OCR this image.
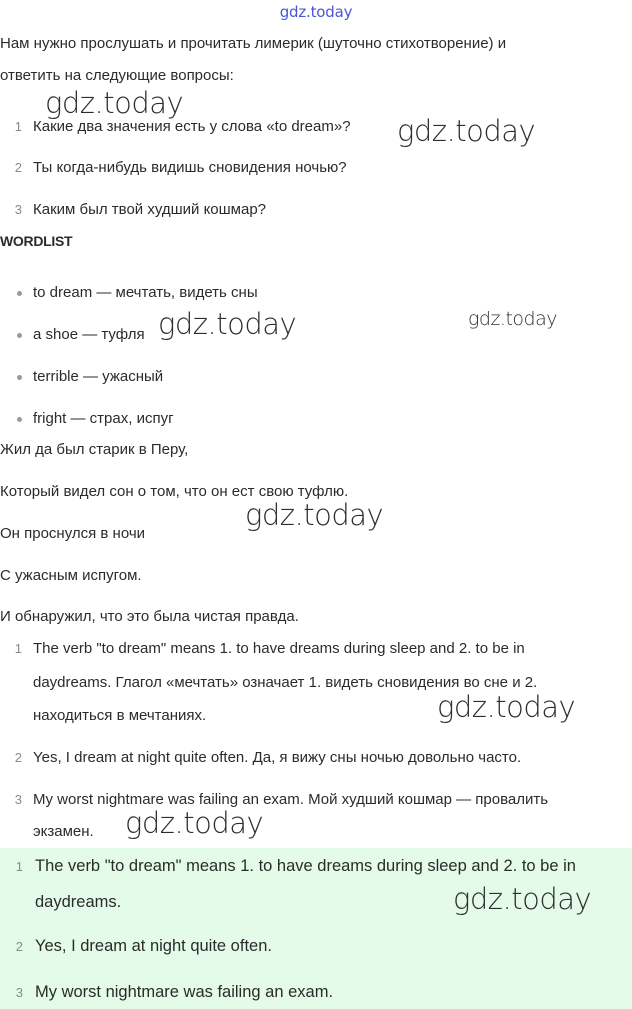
gdz.today
Нам нужно прослушать и прочитать лимерик (шуточно стихотворение) и
ответить на следующие вопросы:
1 Какие два значения есть у слова «to dream»?
2 Ты когда-нибудь видишь сновидения ночью?
3 Каким был твой худший кошмар?
WORDLIST
to dream — мечтать, видеть сны
a shoe — туфля
terrible — ужасный
fright — страх, испуг
Жил да был старик в Перу,
Который видел сон о том, что он ест свою туфлю.
Он проснулся в ночи
С ужасным испугом.
И обнаружил, что это была чистая правда.
1 The verb "to dream" means 1. to have dreams during sleep and 2. to be in
daydreams. Глагол «мечтать» означает 1. видеть сновидения во сне и 2.
находиться в мечтаниях.
2 Yes, I dream at night quite often. Да, я вижу сны ночью довольно часто.
3 My worst nightmare was failing an exam. Мой худший кошмар — провалить
экзамен.
1 The verb "to dream" means 1. to have dreams during sleep and 2. to be in
daydreams.
2 Yes, I dream at night quite often.
3 My worst nightmare was failing an exam.
gdz.today
gdz.today
gdz.today	gdz.today
gdz.today
gdz.today
gdz.today
gdz.today
